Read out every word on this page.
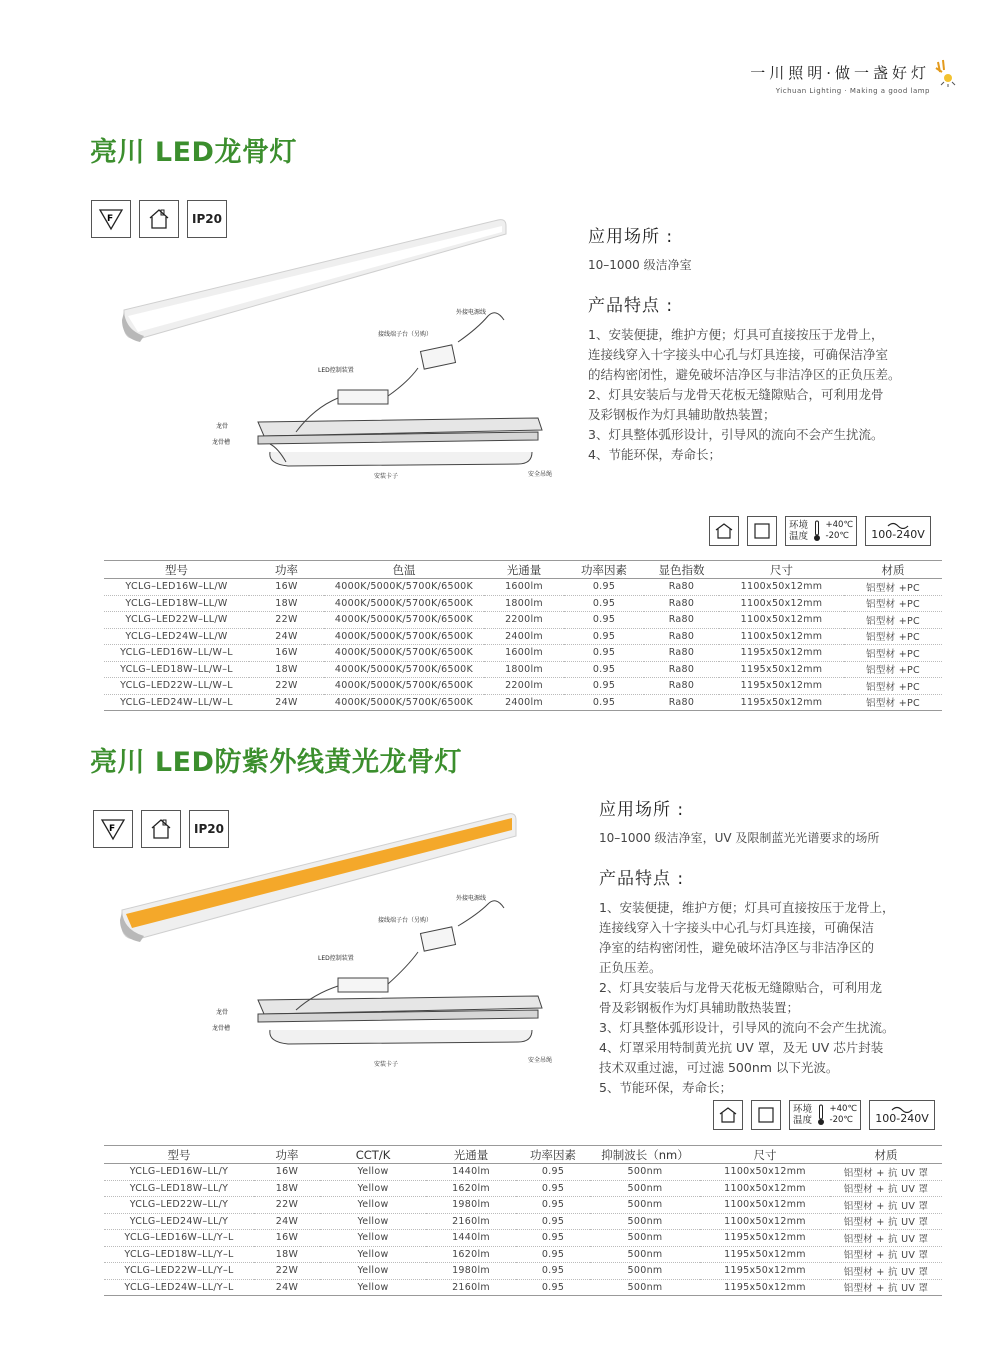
一川照明·做一盏好灯
Yichuan Lighting · Making a good lamp
亮川 LED龙骨灯
F	IP20
外接电源线
接线端子台（另购）
LED控制装置
龙骨
龙骨槽
安装卡子	安全吊绳
应用场所 :
10–1000 级洁净室
产品特点 :
1、安装便捷，维护方便；灯具可直接按压于龙骨上，
连接线穿入十字接头中心孔与灯具连接，可确保洁净室
的结构密闭性，避免破坏洁净区与非洁净区的正负压差。
2、灯具安装后与龙骨天花板无缝隙贴合，可利用龙骨
及彩钢板作为灯具辅助散热装置；
3、灯具整体弧形设计，引导风的流向不会产生扰流。
4、节能环保，寿命长；
环境
温度
+40℃
-20℃	100-240V
型号	功率	色温	光通量	功率因素	显色指数	尺寸	材质
YCLG–LED16W–LL/W	16W	4000K/5000K/5700K/6500K	1600lm	0.95	Ra80	1100x50x12mm	铝型材 +PC
YCLG–LED18W–LL/W	18W	4000K/5000K/5700K/6500K	1800lm	0.95	Ra80	1100x50x12mm	铝型材 +PC
YCLG–LED22W–LL/W	22W	4000K/5000K/5700K/6500K	2200lm	0.95	Ra80	1100x50x12mm	铝型材 +PC
YCLG–LED24W–LL/W	24W	4000K/5000K/5700K/6500K	2400lm	0.95	Ra80	1100x50x12mm	铝型材 +PC
YCLG–LED16W–LL/W–L	16W	4000K/5000K/5700K/6500K	1600lm	0.95	Ra80	1195x50x12mm	铝型材 +PC
YCLG–LED18W–LL/W–L	18W	4000K/5000K/5700K/6500K	1800lm	0.95	Ra80	1195x50x12mm	铝型材 +PC
YCLG–LED22W–LL/W–L	22W	4000K/5000K/5700K/6500K	2200lm	0.95	Ra80	1195x50x12mm	铝型材 +PC
YCLG–LED24W–LL/W–L	24W	4000K/5000K/5700K/6500K	2400lm	0.95	Ra80	1195x50x12mm	铝型材 +PC
亮川 LED防紫外线黄光龙骨灯
F	IP20
外接电源线
接线端子台（另购）
LED控制装置
龙骨
龙骨槽
安装卡子
安全吊绳
应用场所 :
10–1000 级洁净室，UV 及限制蓝光光谱要求的场所
产品特点 :
1、安装便捷，维护方便；灯具可直接按压于龙骨上，
连接线穿入十字接头中心孔与灯具连接，可确保洁
净室的结构密闭性，避免破坏洁净区与非洁净区的
正负压差。
2、灯具安装后与龙骨天花板无缝隙贴合，可利用龙
骨及彩钢板作为灯具辅助散热装置；
3、灯具整体弧形设计，引导风的流向不会产生扰流。
4、灯罩采用特制黄光抗 UV 罩，及无 UV 芯片封装
技术双重过滤，可过滤 500nm 以下光波。
5、节能环保，寿命长；
环境
温度
+40℃
-20℃	100-240V
型号	功率	CCT/K	光通量	功率因素	抑制波长（nm）	尺寸	材质
YCLG–LED16W–LL/Y	16W	Yellow	1440lm	0.95	500nm	1100x50x12mm	铝型材 + 抗 UV 罩
YCLG–LED18W–LL/Y	18W	Yellow	1620lm	0.95	500nm	1100x50x12mm	铝型材 + 抗 UV 罩
YCLG–LED22W–LL/Y	22W	Yellow	1980lm	0.95	500nm	1100x50x12mm	铝型材 + 抗 UV 罩
YCLG–LED24W–LL/Y	24W	Yellow	2160lm	0.95	500nm	1100x50x12mm	铝型材 + 抗 UV 罩
YCLG–LED16W–LL/Y–L	16W	Yellow	1440lm	0.95	500nm	1195x50x12mm	铝型材 + 抗 UV 罩
YCLG–LED18W–LL/Y–L	18W	Yellow	1620lm	0.95	500nm	1195x50x12mm	铝型材 + 抗 UV 罩
YCLG–LED22W–LL/Y–L	22W	Yellow	1980lm	0.95	500nm	1195x50x12mm	铝型材 + 抗 UV 罩
YCLG–LED24W–LL/Y–L	24W	Yellow	2160lm	0.95	500nm	1195x50x12mm	铝型材 + 抗 UV 罩
